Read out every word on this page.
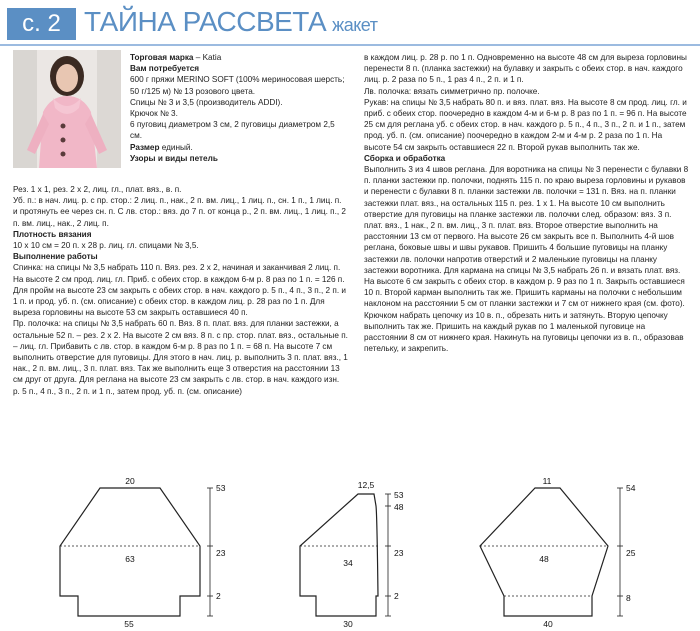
с. 2 ТАЙНА РАССВЕТА жакет

Торговая марка – Katia

Вам потребуется

600 г пряжи MERINO SOFT (100% мериносовая шерсть; 50 г/125 м) № 13 розового цвета.

Спицы № 3 и 3,5 (производитель ADDI).

Крючок № 3.

6 пуговиц диаметром 3 см, 2 пуговицы диаметром 2,5 см.

Размер единый.

Узоры и виды петель

Рез. 1 х 1, рез. 2 х 2, лиц. гл., плат. вяз., в. п.

Уб. п.: в нач. лиц. р. с пр. стор.: 2 лиц. п., нак., 2 п. вм. лиц., 1 лиц. п., сн. 1 п., 1 лиц. п. и протянуть ее через сн. п. С лв. стор.: вяз. до 7 п. от конца р., 2 п. вм. лиц., 1 лиц. п., 2 п. вм. лиц., нак., 2 лиц. п.

Плотность вязания

10 х 10 см = 20 п. х 28 р. лиц. гл. спицами № 3,5.

Выполнение работы

Спинка: на спицы № 3,5 набрать 110 п. Вяз. рез. 2 х 2, начиная и заканчивая 2 лиц. п. На высоте 2 см прод. лиц. гл. Приб. с обеих стор. в каждом 6-м р. 8 раз по 1 п. = 126 п. Для пройм на высоте 23 см закрыть с обеих стор. в нач. каждого р. 5 п., 4 п., 3 п., 2 п. и 1 п. и прод. уб. п. (см. описание) с обеих стор. в каждом лиц. р. 28 раз по 1 п. Для выреза горловины на высоте 53 см закрыть оставшиеся 40 п.

Пр. полочка: на спицы № 3,5 набрать 60 п. Вяз. 8 п. плат. вяз. для планки застежки, а остальные 52 п. – рез. 2 х 2. На высоте 2 см вяз. 8 п. с пр. стор. плат. вяз., остальные п. – лиц. гл. Прибавить с лв. стор. в каждом 6-м р. 8 раз по 1 п. = 68 п. На высоте 7 см выполнить отверстие для пуговицы. Для этого в нач. лиц. р. выполнить 3 п. плат. вяз., 1 нак., 2 п. вм. лиц., 3 п. плат. вяз. Так же выполнить еще 3 отверстия на расстоянии 13 см друг от друга. Для реглана на высоте 23 см закрыть с лв. стор. в нач. каждого изн. р. 5 п., 4 п., 3 п., 2 п. и 1 п., затем прод. уб. п. (см. описание)

в каждом лиц. р. 28 р. по 1 п. Одновременно на высоте 48 см для выреза горловины перенести 8 п. (планка застежки) на булавку и закрыть с обеих стор. в нач. каждого лиц. р. 2 раза по 5 п., 1 раз 4 п., 2 п. и 1 п.

Лв. полочка: вязать симметрично пр. полочке.

Рукав: на спицы № 3,5 набрать 80 п. и вяз. плат. вяз. На высоте 8 см прод. лиц. гл. и приб. с обеих стор. поочередно в каждом 4-м и 6-м р. 8 раз по 1 п. = 96 п. На высоте 25 см для реглана уб. с обеих стор. в нач. каждого р. 5 п., 4 п., 3 п., 2 п. и 1 п., затем прод. уб. п. (см. описание) поочередно в каждом 2-м и 4-м р. 2 раза по 1 п. На высоте 54 см закрыть оставшиеся 22 п. Второй рукав выполнить так же.

Сборка и обработка

Выполнить 3 из 4 швов реглана. Для воротника на спицы № 3 перенести с булавки 8 п. планки застежки пр. полочки, поднять 115 п. по краю выреза горловины и рукавов и перенести с булавки 8 п. планки застежки лв. полочки = 131 п. Вяз. на п. планки застежки плат. вяз., на остальных 115 п. рез. 1 х 1. На высоте 10 см выполнить отверстие для пуговицы на планке застежки лв. полочки след. образом: вяз. 3 п. плат. вяз., 1 нак., 2 п. вм. лиц., 3 п. плат. вяз. Второе отверстие выполнить на расстоянии 13 см от первого. На высоте 26 см закрыть все п. Выполнить 4-й шов реглана, боковые швы и швы рукавов. Пришить 4 большие пуговицы на планку застежки лв. полочки напротив отверстий и 2 маленькие пуговицы на планку застежки воротника. Для кармана на спицы № 3,5 набрать 26 п. и вязать плат. вяз. На высоте 6 см закрыть с обеих стор. в каждом р. 9 раз по 1 п. Закрыть оставшиеся 10 п. Второй карман выполнить так же. Пришить карманы на полочки с небольшим наклоном на расстоянии 5 см от планки застежки и 7 см от нижнего края (см. фото). Крючком набрать цепочку из 10 в. п., обрезать нить и затянуть. Вторую цепочку выполнить так же. Пришить на каждый рукав по 1 маленькой пуговице на расстоянии 8 см от нижнего края. Накинуть на пуговицы цепочки из в. п., образовав петельку, и закрепить.

20
63
55
53
23
2
12,5
34
30
53
48
23
2
11
48
40
54
25
8
